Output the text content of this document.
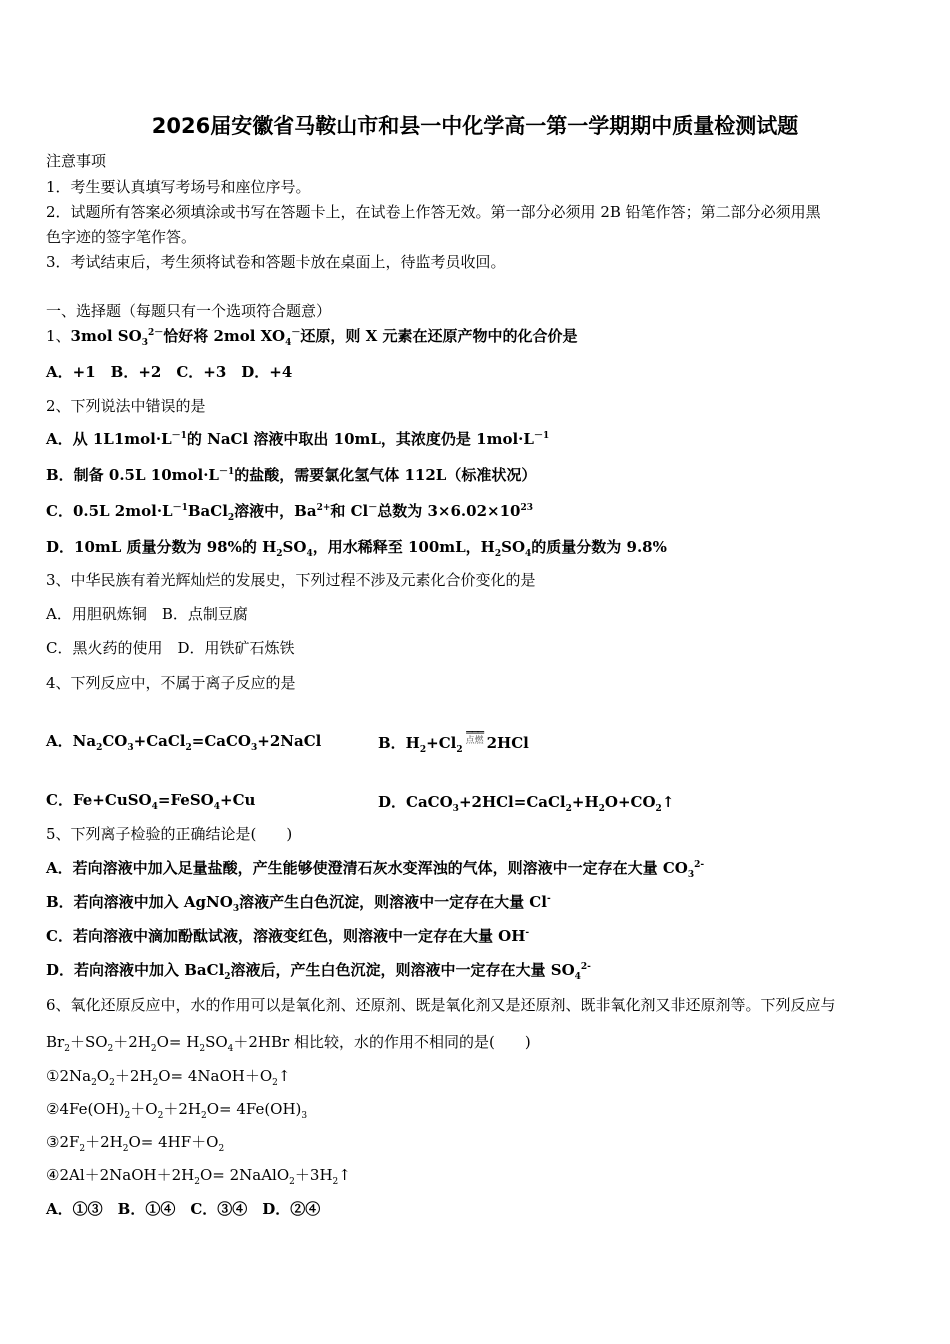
2026届安徽省马鞍山市和县一中化学高一第一学期期中质量检测试题
注意事项
1．考生要认真填写考场号和座位序号。
2．试题所有答案必须填涂或书写在答题卡上，在试卷上作答无效。第一部分必须用 2B 铅笔作答；第二部分必须用黑
色字迹的签字笔作答。
3．考试结束后，考生须将试卷和答题卡放在桌面上，待监考员收回。
一、选择题（每题只有一个选项符合题意）
1、3mol $SO_3^{2-}$恰好将 2mol $XO_4^-$还原，则 X 元素在还原产物中的化合价是
A．+1　B．+2　C．+3　D．+4
2、下列说法中错误的是
A．从 $1L1mol\cdot L^{-1}$的 NaCl 溶液中取出 10mL，其浓度仍是 $1mol\cdot L^{-1}$
B．制备 0.5L $10mol\cdot L^{-1}$的盐酸，需要氯化氢气体 112L（标准状况）
C．0.5L $2mol\cdot L^{-1}BaCl_2$溶液中，$Ba^{2+}$和 Cl－总数为 $3\times 6.02\times 10^{23}$
D．10mL 质量分数为 98%的 $H_2SO_4$，用水稀释至 100mL，$H_2SO_4$的质量分数为 9.8%
3、中华民族有着光辉灿烂的发展史，下列过程不涉及元素化合价变化的是
A．用胆矾炼铜　B．点制豆腐
C．黑火药的使用　D．用铁矿石炼铁
4、下列反应中，不属于离子反应的是
A．$Na_2CO_3+CaCl_2=CaCO_3+2NaCl$	B．$H_2+Cl_2$
═══
点燃 2HCl
C．Fe+CuSO$_4$=FeSO$_4$+Cu	D．$CaCO_3+2HCl=CaCl_2+H_2O+CO_2↑$
5、下列离子检验的正确结论是(　　)
A．若向溶液中加入足量盐酸，产生能够使澄清石灰水变浑浊的气体，则溶液中一定存在大量 $CO_3^{2-}$
B．若向溶液中加入 AgNO$_3$溶液产生白色沉淀，则溶液中一定存在大量 Cl-
C．若向溶液中滴加酚酞试液，溶液变红色，则溶液中一定存在大量 OH-
D．若向溶液中加入 BaCl$_2$溶液后，产生白色沉淀，则溶液中一定存在大量 $SO_4^{2-}$
6、氧化还原反应中，水的作用可以是氧化剂、还原剂、既是氧化剂又是还原剂、既非氧化剂又非还原剂等。下列反应与
$Br_2+SO_2+2H_2O= H_2SO_4+2HBr$ 相比较，水的作用不相同的是(　　)
$①2Na_2O_2+2H_2O=$ $4NaOH+O_2↑$
$②4Fe(OH)_2+O_2+2H_2O= 4Fe(OH)_3$
$③2F_2+2H_2O= 4HF+O_2$
$④2Al+2NaOH+2H_2O=$ $2NaAlO_2+3H_2↑$
A．①③　B．①④　C．③④　D．②④
